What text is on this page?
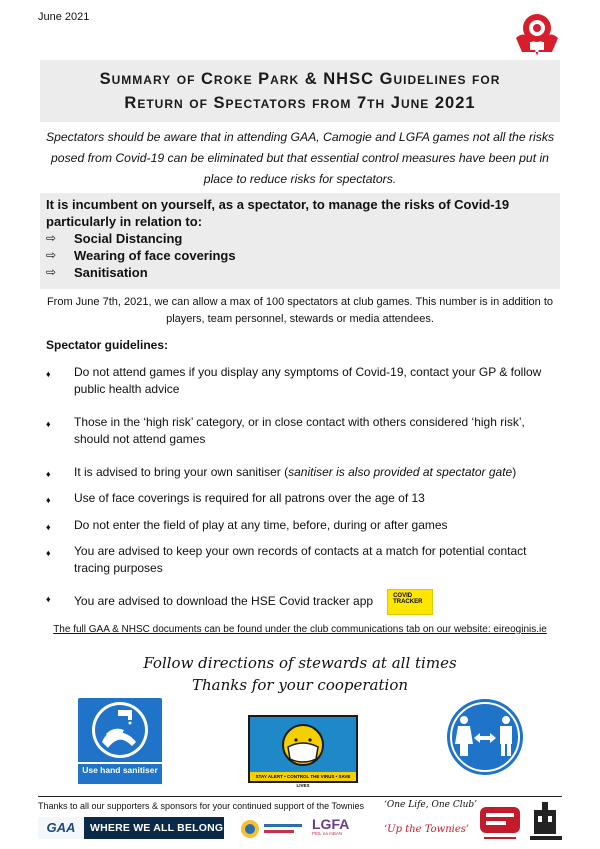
June 2021
Summary of Croke Park & NHSC Guidelines for
Return of Spectators from 7th June 2021
Spectators should be aware that in attending GAA, Camogie and LGFA games not all the risks posed from Covid-19 can be eliminated but that essential control measures have been put in place to reduce risks for spectators.
It is incumbent on yourself, as a spectator, to manage the risks of Covid-19 particularly in relation to:
⇨	Social Distancing
⇨	Wearing of face coverings
⇨	Sanitisation
From June 7th, 2021, we can allow a max of 100 spectators at club games. This number is in addition to players, team personnel, stewards or media attendees.
Spectator guidelines:
♦	Do not attend games if you display any symptoms of Covid-19, contact your GP & follow public health advice
♦	Those in the ‘high risk’ category, or in close contact with others considered ‘high risk’, should not attend games
♦	It is advised to bring your own sanitiser (sanitiser is also provided at spectator gate)
♦	Use of face coverings is required for all patrons over the age of 13
♦	Do not enter the field of play at any time, before, during or after games
♦	You are advised to keep your own records of contacts at a match for potential contact tracing purposes
♦	You are advised to download the HSE Covid tracker app	COVID TRACKER
The full GAA & NHSC documents can be found under the club communications tab on our website: eireoginis.ie
Follow directions of stewards at all times
Thanks for your cooperation
Use hand sanitiser
STAY ALERT • CONTROL THE VIRUS • SAVE LIVES
Thanks to all our supporters & sponsors for your continued support of the Townies ‘One Life, One Club’
GAA	WHERE WE ALL BELONG	LGFA
PEIL na mBAN	‘Up the Townies’
